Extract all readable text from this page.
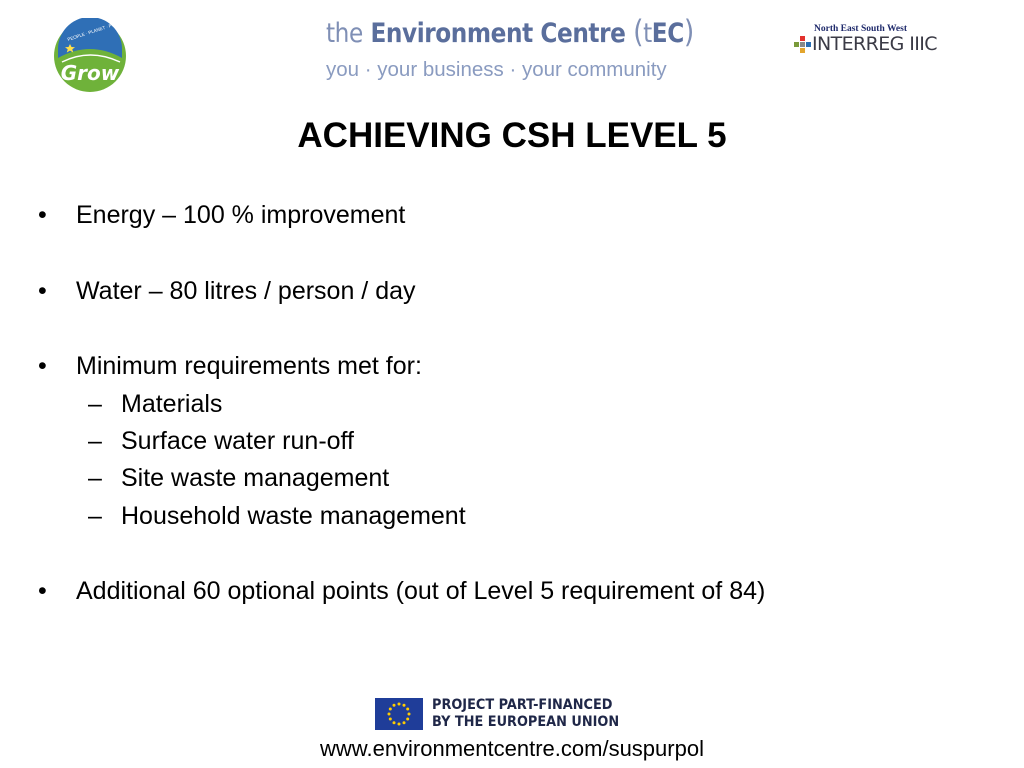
PEOPLE · PLANET · PROFIT
Grow
the Environment Centre (tEC)
you · your business · your community
North East South West
INTERREG IIIC
ACHIEVING CSH LEVEL 5
• Energy – 100 % improvement
• Water – 80 litres / person / day
• Minimum requirements met for:
– Materials
– Surface water run-off
– Site waste management
– Household waste management
• Additional 60 optional points (out of Level 5 requirement of 84)
PROJECT PART-FINANCED
BY THE EUROPEAN UNION
www.environmentcentre.com/suspurpol
